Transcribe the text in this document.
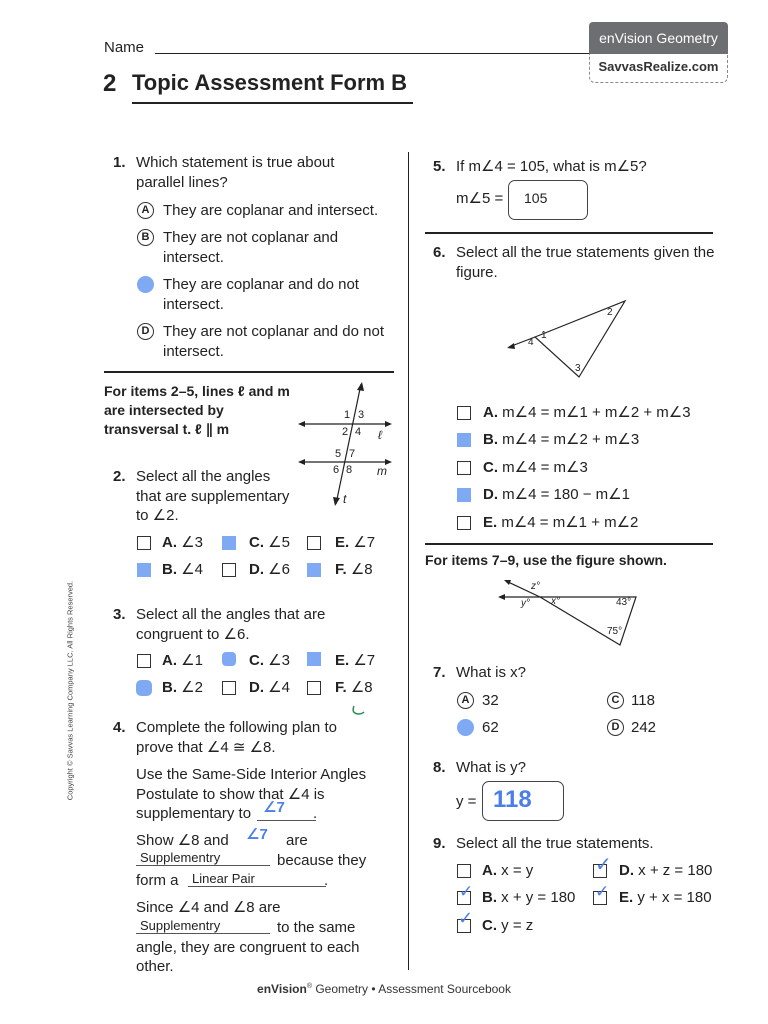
Name
enVision Geometry
SavvasRealize.com
2 Topic Assessment Form B
Copyright © Savvas Learning Company LLC. All Rights Reserved.
1. Which statement is true about parallel lines?
A They are coplanar and intersect.
B They are not coplanar and intersect.
They are coplanar and do not intersect.
D They are not coplanar and do not intersect.
For items 2–5, lines ℓ and m are intersected by transversal t. ℓ ∥ m
1 3
2 4 ℓ
5 7
6 8 m
t
2. Select all the angles that are supplementary to ∠2.
A. ∠3	C. ∠5	E. ∠7
B. ∠4	D. ∠6	F. ∠8
3. Select all the angles that are congruent to ∠6.
A. ∠1	C. ∠3	E. ∠7
B. ∠2	D. ∠4	F. ∠8
4. Complete the following plan to prove that ∠4 ≅ ∠8.
Use the Same-Side Interior Angles Postulate to show that ∠4 is supplementary to ∠7 .
Show ∠8 and ∠7 are
Supplementry	because they
form a	Linear Pair	.
Since ∠4 and ∠8 are
Supplementry	to the same angle, they are congruent to each other.
5. If m∠4 = 105, what is m∠5?
m∠5 = 105
6. Select all the true statements given the figure.
1
4
2
3
A. m∠4 = m∠1 + m∠2 + m∠3
B. m∠4 = m∠2 + m∠3
C. m∠4 = m∠3
D. m∠4 = 180 − m∠1
E. m∠4 = m∠1 + m∠2
For items 7–9, use the figure shown.
z°
y° x°	43°
75°
7. What is x?
A 32	C 118
62	D 242
8. What is y?
y = 118
9. Select all the true statements.
A. x = y	✓ D. x + z = 180
✓ B. x + y = 180 ✓ E. y + x = 180
✓ C. y = z
enVision® Geometry • Assessment Sourcebook
